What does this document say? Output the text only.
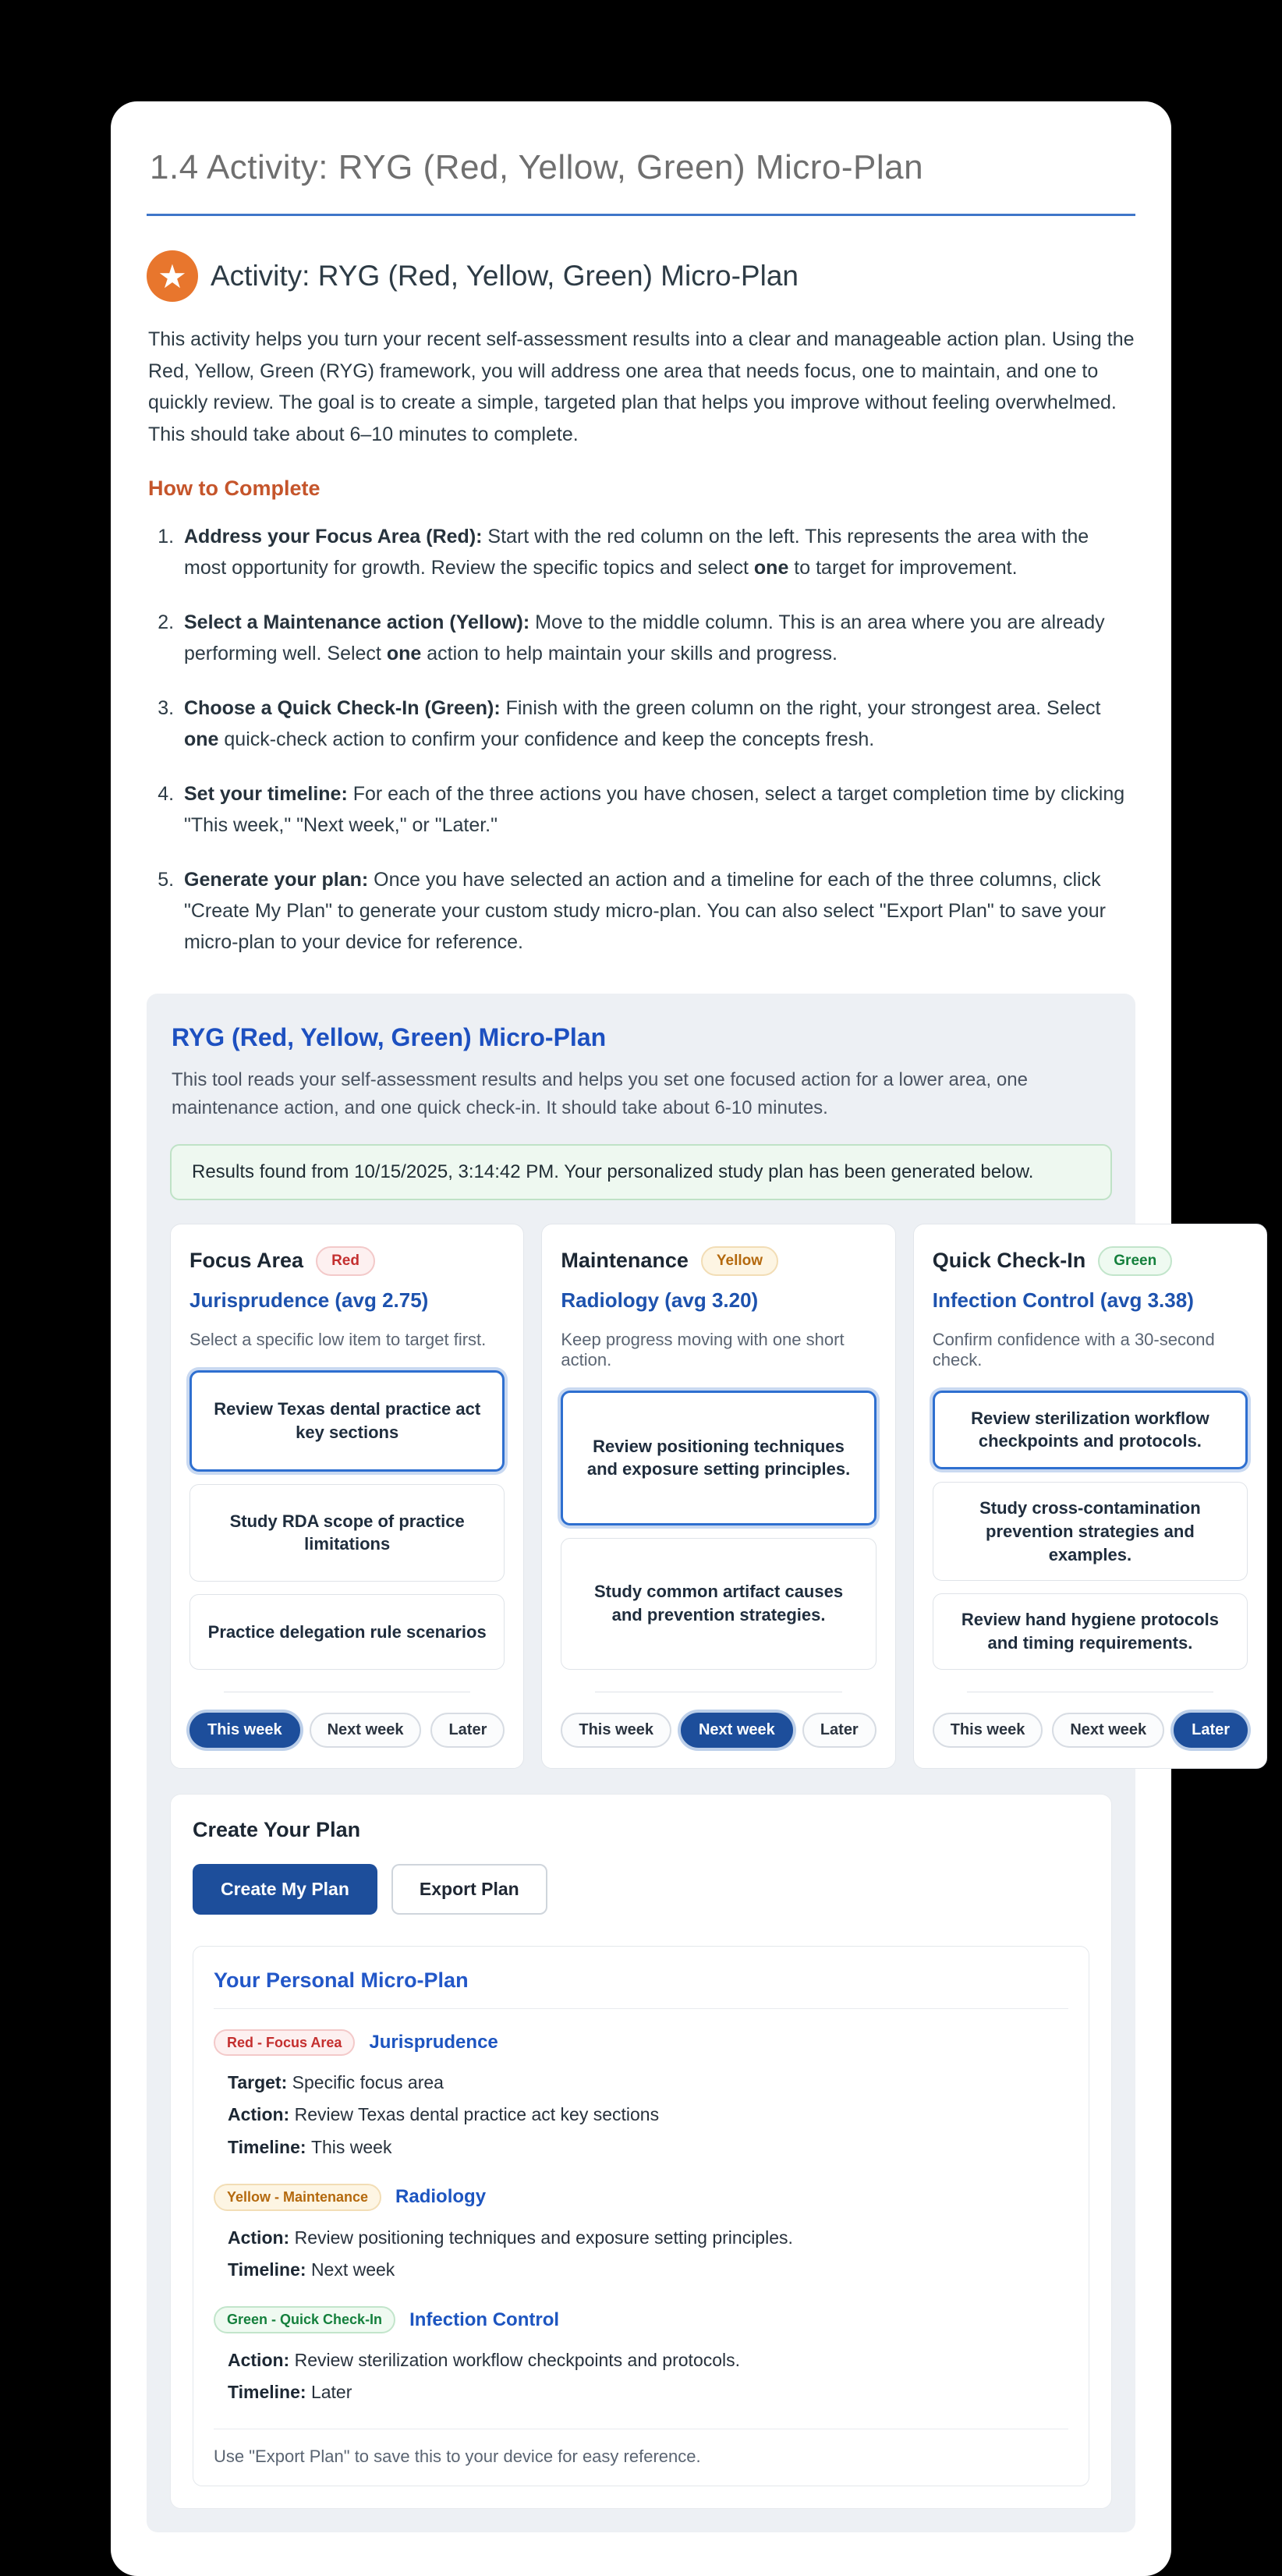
1.4 Activity: RYG (Red, Yellow, Green) Micro-Plan
★ Activity: RYG (Red, Yellow, Green) Micro-Plan

This activity helps you turn your recent self-assessment results into a clear and manageable action plan. Using the Red, Yellow, Green (RYG) framework, you will address one area that needs focus, one to maintain, and one to quickly review. The goal is to create a simple, targeted plan that helps you improve without feeling overwhelmed. This should take about 6–10 minutes to complete.

How to Complete
1. Address your Focus Area (Red): Start with the red column on the left. This represents the area with the most opportunity for growth. Review the specific topics and select one to target for improvement.
2. Select a Maintenance action (Yellow): Move to the middle column. This is an area where you are already performing well. Select one action to help maintain your skills and progress.
3. Choose a Quick Check-In (Green): Finish with the green column on the right, your strongest area. Select one quick-check action to confirm your confidence and keep the concepts fresh.
4. Set your timeline: For each of the three actions you have chosen, select a target completion time by clicking "This week," "Next week," or "Later."
5. Generate your plan: Once you have selected an action and a timeline for each of the three columns, click "Create My Plan" to generate your custom study micro-plan. You can also select "Export Plan" to save your micro-plan to your device for reference.
RYG (Red, Yellow, Green) Micro-Plan

This tool reads your self-assessment results and helps you set one focused action for a lower area, one maintenance action, and one quick check-in. It should take about 6-10 minutes.

Results found from 10/15/2025, 3:14:42 PM. Your personalized study plan has been generated below.
Focus Area	Red
Jurisprudence (avg 2.75)
Select a specific low item to target first.
Review Texas dental practice act key sections
Study RDA scope of practice limitations
Practice delegation rule scenarios
This week	Next week	Later
Maintenance	Yellow
Radiology (avg 3.20)
Keep progress moving with one short action.
Review positioning techniques and exposure setting principles.
Study common artifact causes and prevention strategies.
This week	Next week	Later
Quick Check-In	Green
Infection Control (avg 3.38)
Confirm confidence with a 30-second check.
Review sterilization workflow checkpoints and protocols.
Study cross-contamination prevention strategies and examples.
Review hand hygiene protocols and timing requirements.
This week	Next week	Later
Create Your Plan
Create My Plan	Export Plan
Your Personal Micro-Plan
Red - Focus Area	Jurisprudence
Target: Specific focus area
Action: Review Texas dental practice act key sections
Timeline: This week
Yellow - Maintenance	Radiology
Action: Review positioning techniques and exposure setting principles.
Timeline: Next week
Green - Quick Check-In	Infection Control
Action: Review sterilization workflow checkpoints and protocols.
Timeline: Later

Use "Export Plan" to save this to your device for easy reference.
